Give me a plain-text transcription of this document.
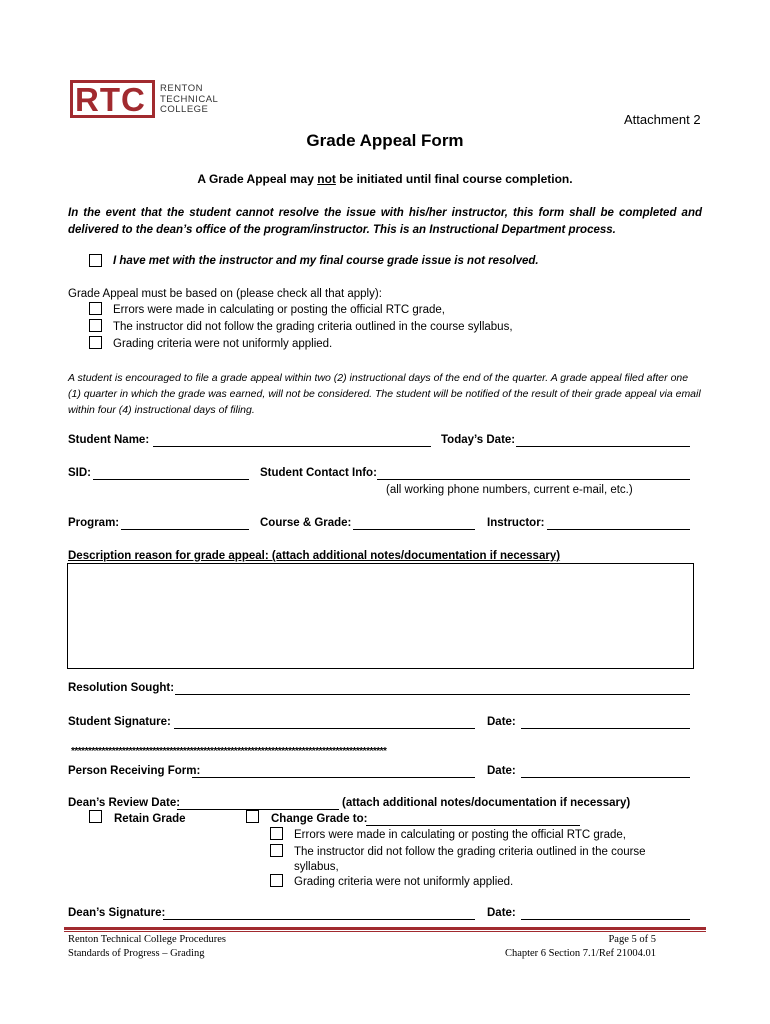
RTC RENTON
TECHNICAL
COLLEGE
Attachment 2
Grade Appeal Form
A Grade Appeal may not be initiated until final course completion.
In the event that the student cannot resolve the issue with his/her instructor, this form shall be completed and delivered to the dean’s office of the program/instructor. This is an Instructional Department process.
I have met with the instructor and my final course grade issue is not resolved.
Grade Appeal must be based on (please check all that apply):
Errors were made in calculating or posting the official RTC grade,
The instructor did not follow the grading criteria outlined in the course syllabus,
Grading criteria were not uniformly applied.
A student is encouraged to file a grade appeal within two (2) instructional days of the end of the quarter. A grade appeal filed after one (1) quarter in which the grade was earned, will not be considered. The student will be notified of the result of their grade appeal via email within four (4) instructional days of filing.
Student Name:	Today’s Date:
SID:	Student Contact Info:
(all working phone numbers, current e-mail, etc.)
Program:	Course & Grade:	Instructor:
Description reason for grade appeal: (attach additional notes/documentation if necessary)
Resolution Sought:
Student Signature:	Date:
*********************************************************************************************
Person Receiving Form:	Date:
Dean’s Review Date:	(attach additional notes/documentation if necessary)
Retain Grade	Change Grade to:
Errors were made in calculating or posting the official RTC grade,
The instructor did not follow the grading criteria outlined in the course
syllabus,
Grading criteria were not uniformly applied.
Dean’s Signature:	Date:
Renton Technical College Procedures
Standards of Progress – Grading
Page 5 of 5
Chapter 6 Section 7.1/Ref 21004.01
